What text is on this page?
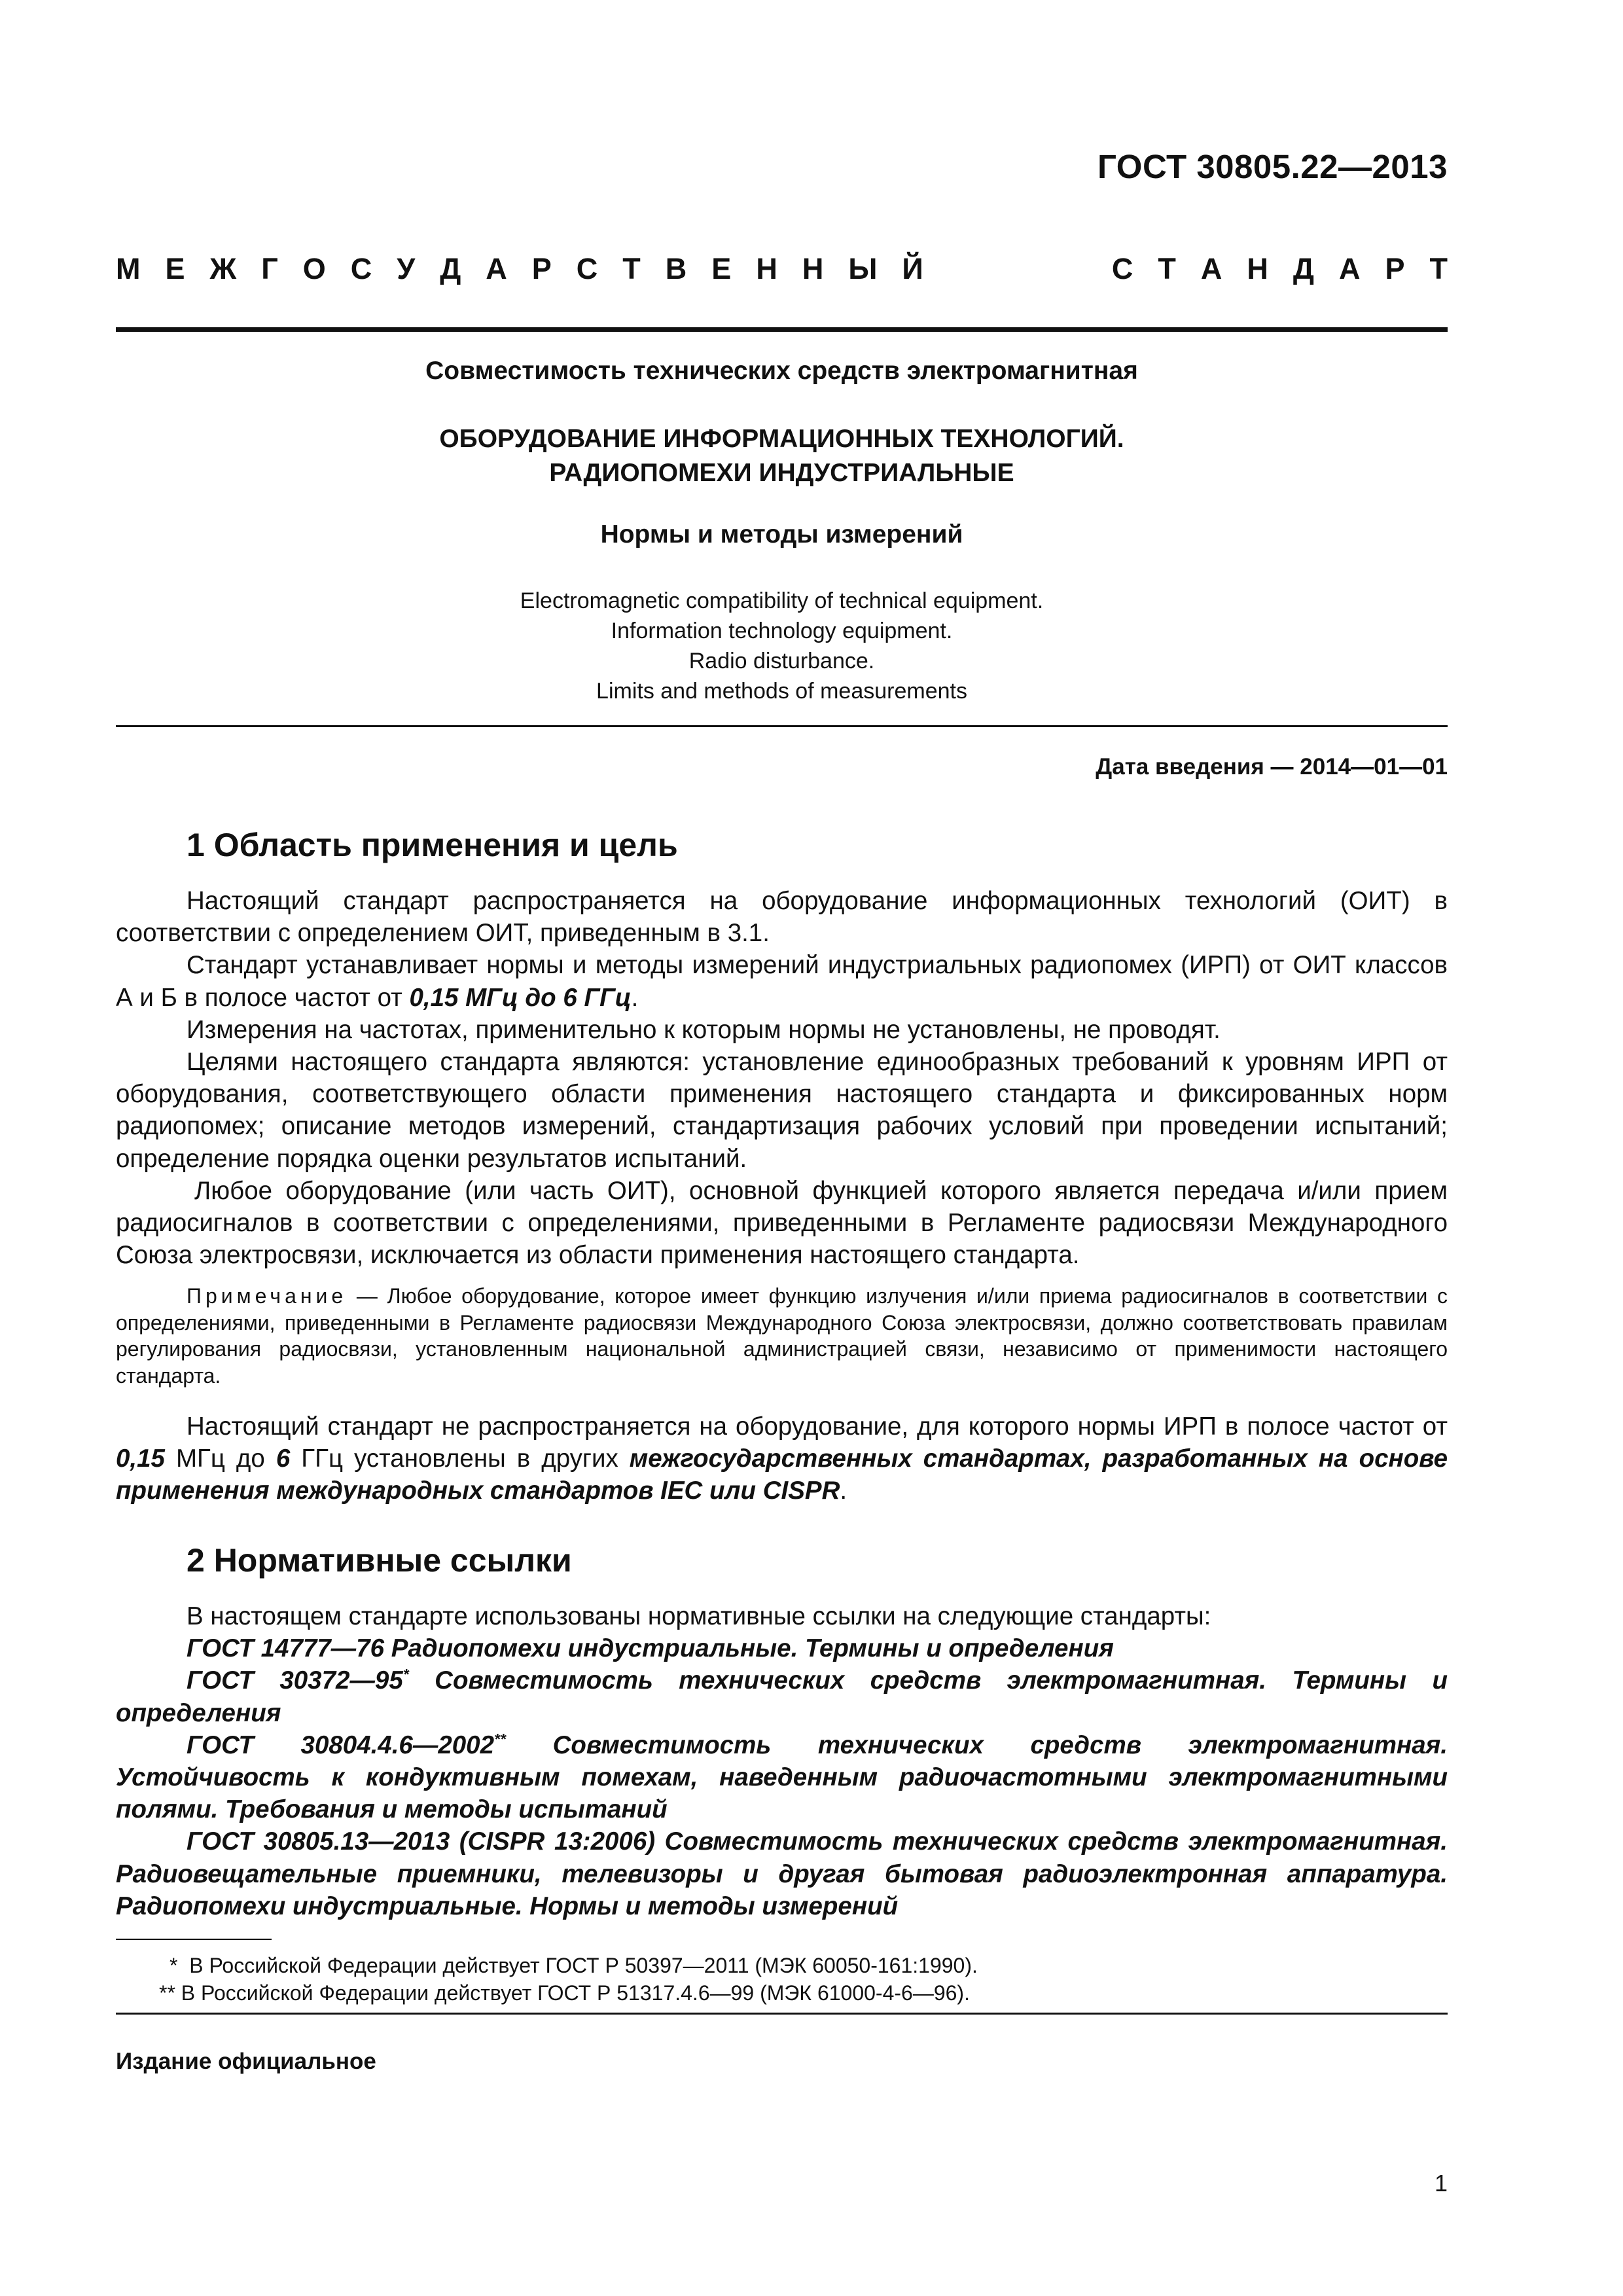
ГОСТ 30805.22—2013
М Е Ж Г О С У Д А Р С Т В Е Н Н Ы Й	С Т А Н Д А Р Т
Совместимость технических средств электромагнитная
ОБОРУДОВАНИЕ ИНФОРМАЦИОННЫХ ТЕХНОЛОГИЙ.
РАДИОПОМЕХИ ИНДУСТРИАЛЬНЫЕ
Нормы и методы измерений
Electromagnetic compatibility of technical equipment.
Information technology equipment.
Radio disturbance.
Limits and methods of measurements
Дата введения — 2014—01—01
1 Область применения и цель

Настоящий стандарт распространяется на оборудование информационных технологий (ОИТ) в соответствии с определением ОИТ, приведенным в 3.1.

Стандарт устанавливает нормы и методы измерений индустриальных радиопомех (ИРП) от ОИТ классов А и Б в полосе частот от 0,15 МГц до 6 ГГц.

Измерения на частотах, применительно к которым нормы не установлены, не проводят.

Целями настоящего стандарта являются: установление единообразных требований к уровням ИРП от оборудования, соответствующего области применения настоящего стандарта и фиксированных норм радиопомех; описание методов измерений, стандартизация рабочих условий при проведении испытаний; определение порядка оценки результатов испытаний.

Любое оборудование (или часть ОИТ), основной функцией которого является передача и/или прием радиосигналов в соответствии с определениями, приведенными в Регламенте радиосвязи Международного Союза электросвязи, исключается из области применения настоящего стандарта.

Примечание — Любое оборудование, которое имеет функцию излучения и/или приема радиосигналов в соответствии с определениями, приведенными в Регламенте радиосвязи Международного Союза электросвязи, должно соответствовать правилам регулирования радиосвязи, установленным национальной администрацией связи, независимо от применимости настоящего стандарта.

Настоящий стандарт не распространяется на оборудование, для которого нормы ИРП в полосе частот от 0,15 МГц до 6 ГГц установлены в других межгосударственных стандартах, разработанных на основе применения международных стандартов IEC или CISPR.

2 Нормативные ссылки

В настоящем стандарте использованы нормативные ссылки на следующие стандарты:

ГОСТ 14777—76 Радиопомехи индустриальные. Термины и определения

ГОСТ 30372—95* Совместимость технических средств электромагнитная. Термины и определения

ГОСТ 30804.4.6—2002** Совместимость технических средств электромагнитная. Устойчивость к кондуктивным помехам, наведенным радиочастотными электромагнитными полями. Требования и методы испытаний

ГОСТ 30805.13—2013 (CISPR 13:2006) Совместимость технических средств электромагнитная. Радиовещательные приемники, телевизоры и другая бытовая радиоэлектронная аппаратура. Радиопомехи индустриальные. Нормы и методы измерений

* В Российской Федерации действует ГОСТ Р 50397—2011 (МЭК 60050-161:1990).
** В Российской Федерации действует ГОСТ Р 51317.4.6—99 (МЭК 61000-4-6—96).
Издание официальное
1
